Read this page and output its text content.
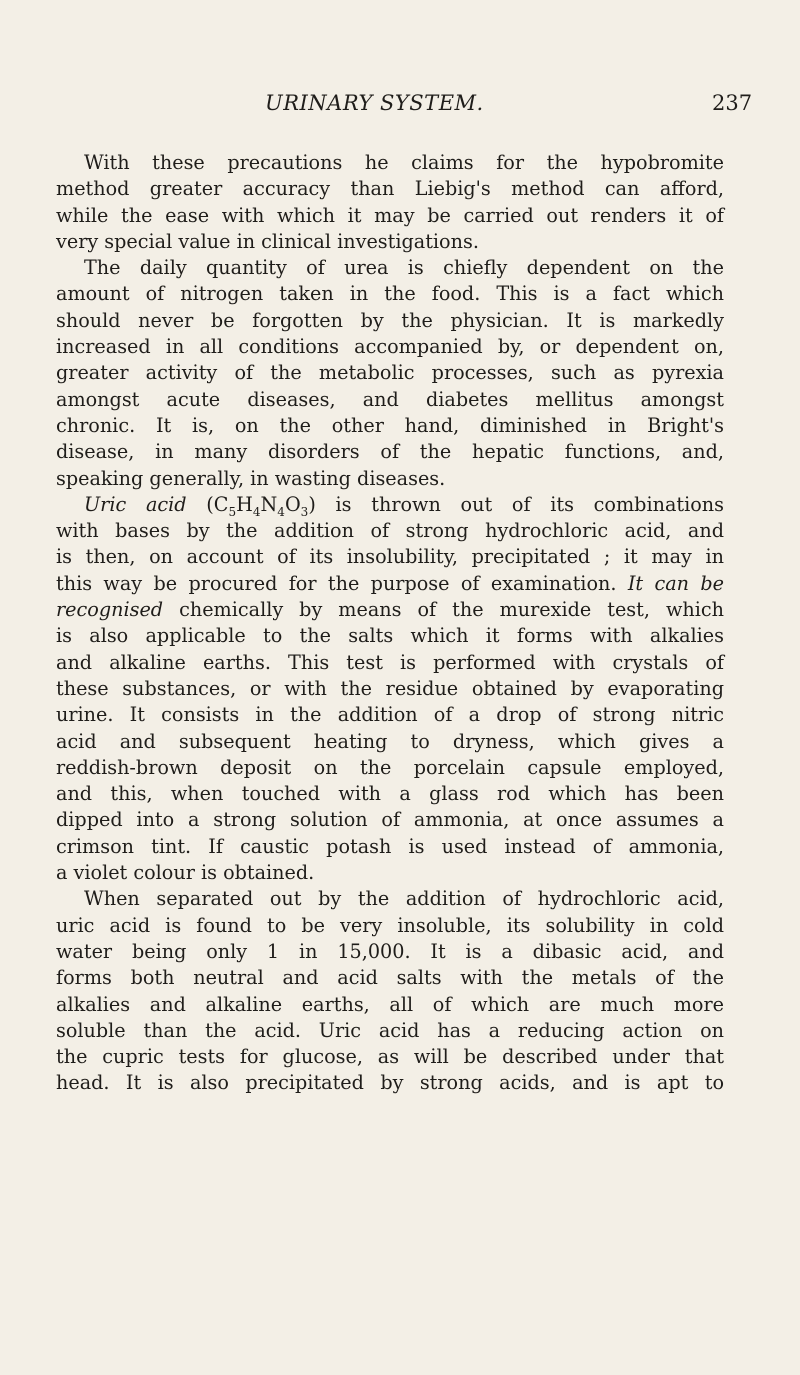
URINARY SYSTEM.	237
With these precautions he claims for the hypobromite
method greater accuracy than Liebig's method can afford,
while the ease with which it may be carried out renders it of
very special value in clinical investigations.
The daily quantity of urea is chiefly dependent on the
amount of nitrogen taken in the food. This is a fact which
should never be forgotten by the physician. It is markedly
increased in all conditions accompanied by, or dependent on,
greater activity of the metabolic processes, such as pyrexia
amongst acute diseases, and diabetes mellitus amongst
chronic. It is, on the other hand, diminished in Bright's
disease, in many disorders of the hepatic functions, and,
speaking generally, in wasting diseases.
Uric acid $(C_5H_4N_4O_3)$ is thrown out of its combinations
with bases by the addition of strong hydrochloric acid, and
is then, on account of its insolubility, precipitated ; it may in
this way be procured for the purpose of examination. It can be
recognised chemically by means of the murexide test, which
is also applicable to the salts which it forms with alkalies
and alkaline earths. This test is performed with crystals of
these substances, or with the residue obtained by evaporating
urine. It consists in the addition of a drop of strong nitric
acid and subsequent heating to dryness, which gives a
reddish-brown deposit on the porcelain capsule employed,
and this, when touched with a glass rod which has been
dipped into a strong solution of ammonia, at once assumes a
crimson tint. If caustic potash is used instead of ammonia,
a violet colour is obtained.
When separated out by the addition of hydrochloric acid,
uric acid is found to be very insoluble, its solubility in cold
water being only 1 in 15,000. It is a dibasic acid, and
forms both neutral and acid salts with the metals of the
alkalies and alkaline earths, all of which are much more
soluble than the acid. Uric acid has a reducing action on
the cupric tests for glucose, as will be described under that
head. It is also precipitated by strong acids, and is apt to
